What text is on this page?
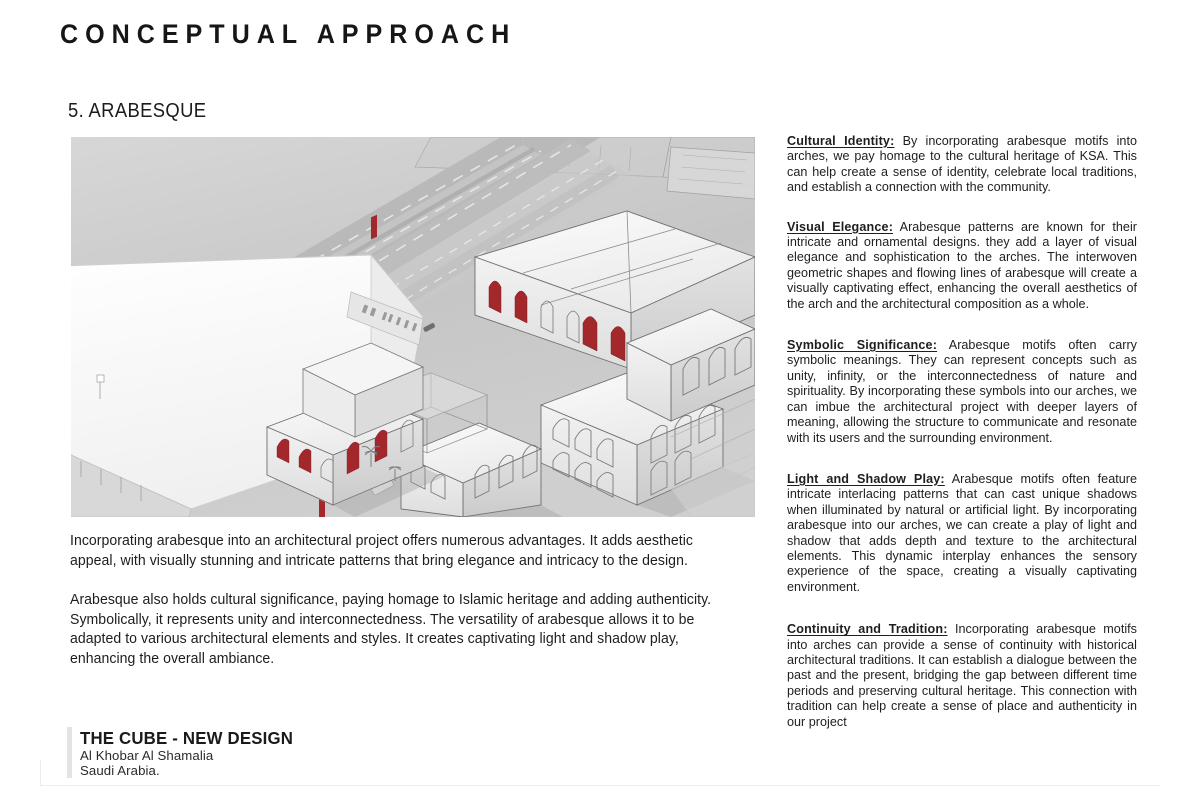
CONCEPTUAL APPROACH
5. ARABESQUE

Incorporating arabesque into an architectural project offers numerous advantages. It adds aesthetic appeal, with visually stunning and intricate patterns that bring elegance and intricacy to the design.

Arabesque also holds cultural significance, paying homage to Islamic heritage and adding authenticity. Symbolically, it represents unity and interconnectedness. The versatility of arabesque allows it to be adapted to various architectural elements and styles. It creates captivating light and shadow play, enhancing the overall ambiance.

Cultural Identity: By incorporating arabesque motifs into arches, we pay homage to the cultural heritage of KSA. This can help create a sense of identity, celebrate local traditions, and establish a connection with the community.
Visual Elegance: Arabesque patterns are known for their intricate and ornamental designs. they add a layer of visual elegance and sophistication to the arches. The interwoven geometric shapes and flowing lines of arabesque will create a visually captivating effect, enhancing the overall aesthetics of the arch and the architectural composition as a whole.
Symbolic Significance: Arabesque motifs often carry symbolic meanings. They can represent concepts such as unity, infinity, or the interconnectedness of nature and spirituality. By incorporating these symbols into our arches, we can imbue the architectural project with deeper layers of meaning, allowing the structure to communicate and resonate with its users and the surrounding environment.
Light and Shadow Play: Arabesque motifs often feature intricate interlacing patterns that can cast unique shadows when illuminated by natural or artificial light. By incorporating arabesque into our arches, we can create a play of light and shadow that adds depth and texture to the architectural elements. This dynamic interplay enhances the sensory experience of the space, creating a visually captivating environment.
Continuity and Tradition: Incorporating arabesque motifs into arches can provide a sense of continuity with historical architectural traditions. It can establish a dialogue between the past and the present, bridging the gap between different time periods and preserving cultural heritage. This connection with tradition can help create a sense of place and authenticity in our project
THE CUBE - NEW DESIGN
Al Khobar Al Shamalia
Saudi Arabia.
